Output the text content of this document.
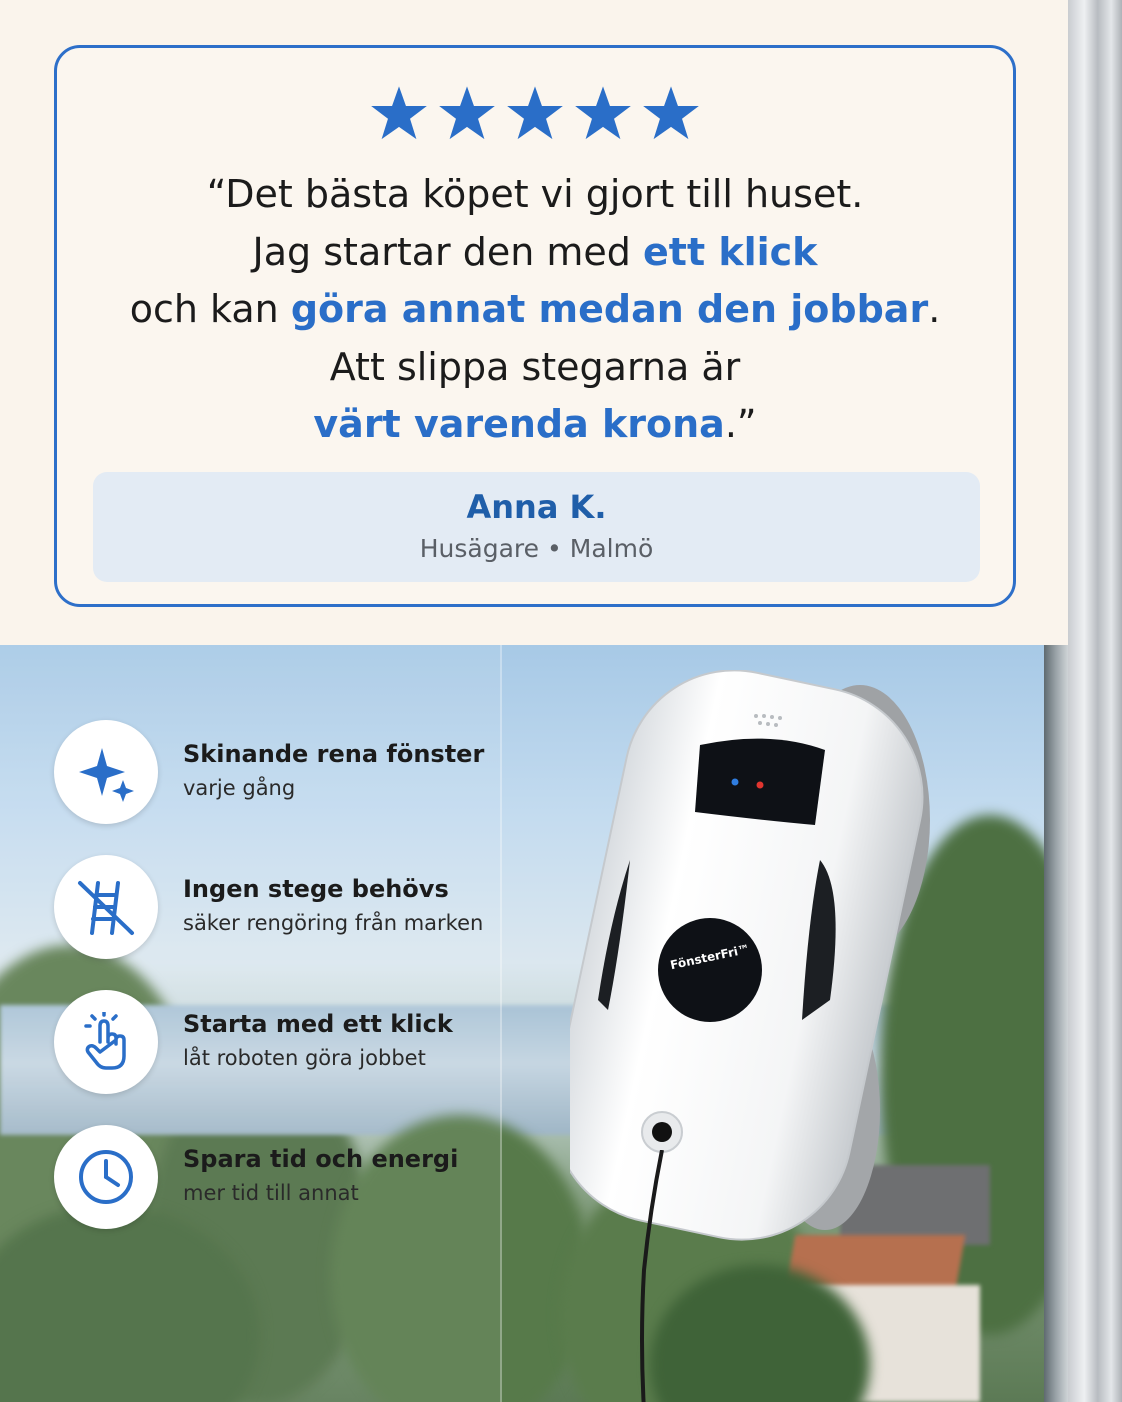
“Det bästa köpet vi gjort till huset.
Jag startar den med ett klick
och kan göra annat medan den jobbar.
Att slippa stegarna är
värt varenda krona.”
Anna K.
Husägare • Malmö
FönsterFri™
Skinande rena fönster
varje gång
Ingen stege behövs
säker rengöring från marken
Starta med ett klick
låt roboten göra jobbet
Spara tid och energi
mer tid till annat
